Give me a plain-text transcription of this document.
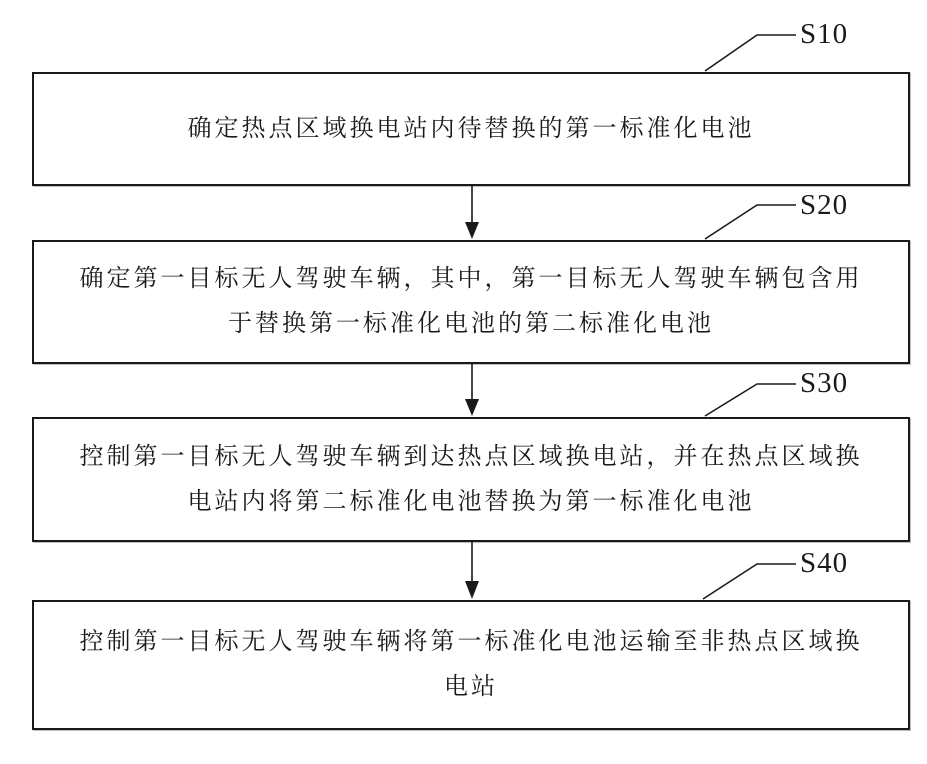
确定热点区域换电站内待替换的第一标准化电池
确定第一目标无人驾驶车辆，其中，第一目标无人驾驶车辆包含用
于替换第一标准化电池的第二标准化电池
控制第一目标无人驾驶车辆到达热点区域换电站，并在热点区域换
电站内将第二标准化电池替换为第一标准化电池
控制第一目标无人驾驶车辆将第一标准化电池运输至非热点区域换
电站
S10
S20
S30
S40
